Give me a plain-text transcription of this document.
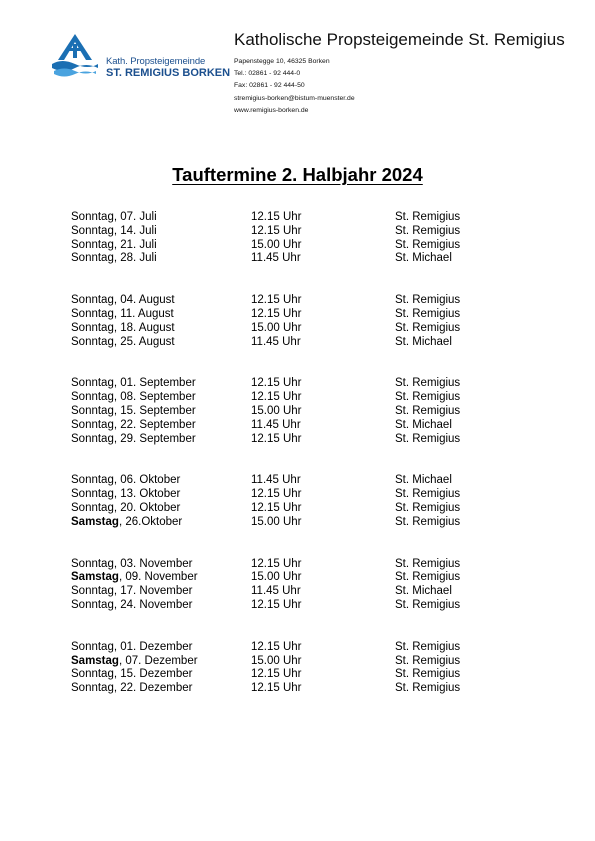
Kath. Propsteigemeinde
ST. REMIGIUS BORKEN
Katholische Propsteigemeinde St. Remigius
Papenstegge 10, 46325 Borken
Tel.: 02861 - 92 444-0
Fax: 02861 - 92 444-50
stremigius-borken@bistum-muenster.de
www.remigius-borken.de
Tauftermine 2. Halbjahr 2024
Sonntag, 07. Juli	12.15 Uhr	St. Remigius
Sonntag, 14. Juli	12.15 Uhr	St. Remigius
Sonntag, 21. Juli	15.00 Uhr	St. Remigius
Sonntag, 28. Juli	11.45 Uhr	St. Michael
Sonntag, 04. August	12.15 Uhr	St. Remigius
Sonntag, 11. August	12.15 Uhr	St. Remigius
Sonntag, 18. August	15.00 Uhr	St. Remigius
Sonntag, 25. August	11.45 Uhr	St. Michael
Sonntag, 01. September	12.15 Uhr	St. Remigius
Sonntag, 08. September	12.15 Uhr	St. Remigius
Sonntag, 15. September	15.00 Uhr	St. Remigius
Sonntag, 22. September	11.45 Uhr	St. Michael
Sonntag, 29. September	12.15 Uhr	St. Remigius
Sonntag, 06. Oktober	11.45 Uhr	St. Michael
Sonntag, 13. Oktober	12.15 Uhr	St. Remigius
Sonntag, 20. Oktober	12.15 Uhr	St. Remigius
Samstag, 26.Oktober	15.00 Uhr	St. Remigius
Sonntag, 03. November	12.15 Uhr	St. Remigius
Samstag, 09. November	15.00 Uhr	St. Remigius
Sonntag, 17. November	11.45 Uhr	St. Michael
Sonntag, 24. November	12.15 Uhr	St. Remigius
Sonntag, 01. Dezember	12.15 Uhr	St. Remigius
Samstag, 07. Dezember	15.00 Uhr	St. Remigius
Sonntag, 15. Dezember	12.15 Uhr	St. Remigius
Sonntag, 22. Dezember	12.15 Uhr	St. Remigius
